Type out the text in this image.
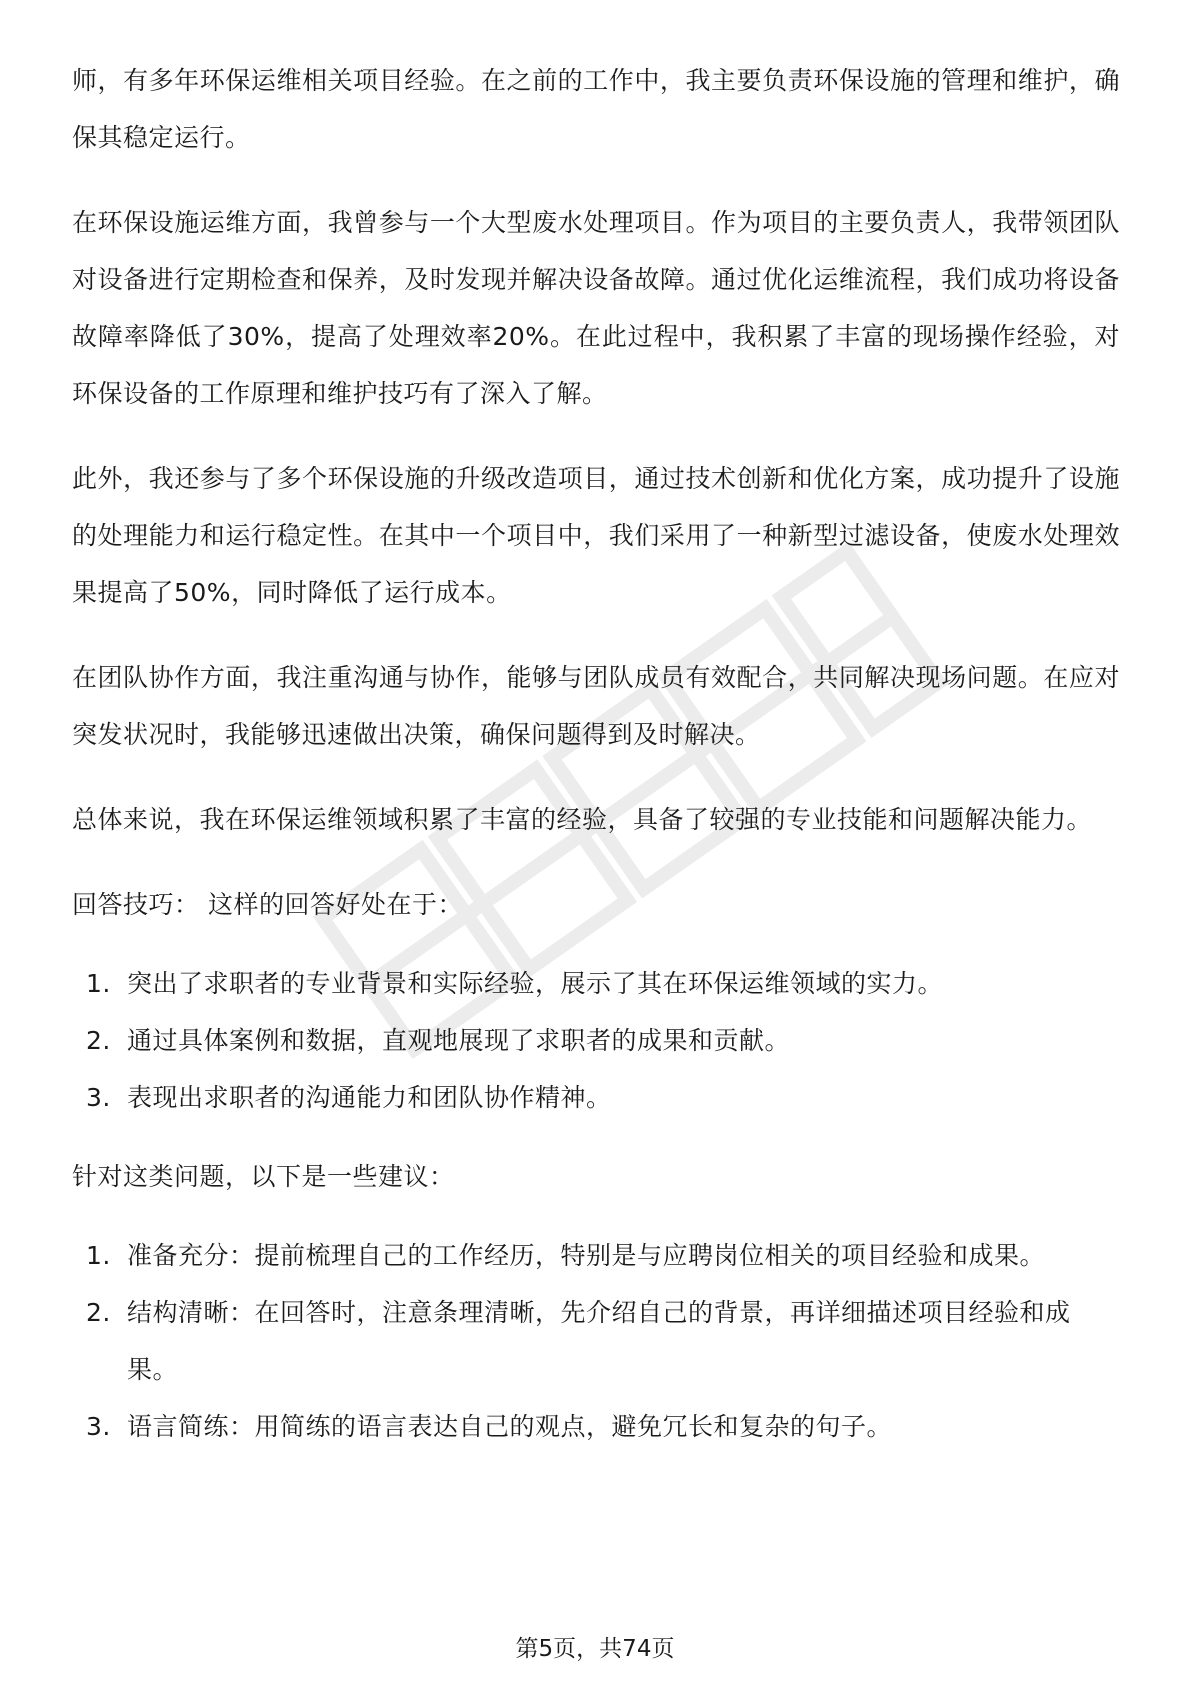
师，有多年环保运维相关项目经验。在之前的工作中，我主要负责环保设施的管理和维护，确保其稳定运行。

在环保设施运维方面，我曾参与一个大型废水处理项目。作为项目的主要负责人，我带领团队对设备进行定期检查和保养，及时发现并解决设备故障。通过优化运维流程，我们成功将设备故障率降低了30%，提高了处理效率20%。在此过程中，我积累了丰富的现场操作经验，对环保设备的工作原理和维护技巧有了深入了解。

此外，我还参与了多个环保设施的升级改造项目，通过技术创新和优化方案，成功提升了设施的处理能力和运行稳定性。在其中一个项目中，我们采用了一种新型过滤设备，使废水处理效果提高了50%，同时降低了运行成本。

在团队协作方面，我注重沟通与协作，能够与团队成员有效配合，共同解决现场问题。在应对突发状况时，我能够迅速做出决策，确保问题得到及时解决。

总体来说，我在环保运维领域积累了丰富的经验，具备了较强的专业技能和问题解决能力。

回答技巧： 这样的回答好处在于：

1. 突出了求职者的专业背景和实际经验，展示了其在环保运维领域的实力。
2. 通过具体案例和数据，直观地展现了求职者的成果和贡献。
3. 表现出求职者的沟通能力和团队协作精神。

针对这类问题，以下是一些建议：

1. 准备充分：提前梳理自己的工作经历，特别是与应聘岗位相关的项目经验和成果。
2. 结构清晰：在回答时，注意条理清晰，先介绍自己的背景，再详细描述项目经验和成果。
3. 语言简练：用简练的语言表达自己的观点，避免冗长和复杂的句子。
第5页，共74页
